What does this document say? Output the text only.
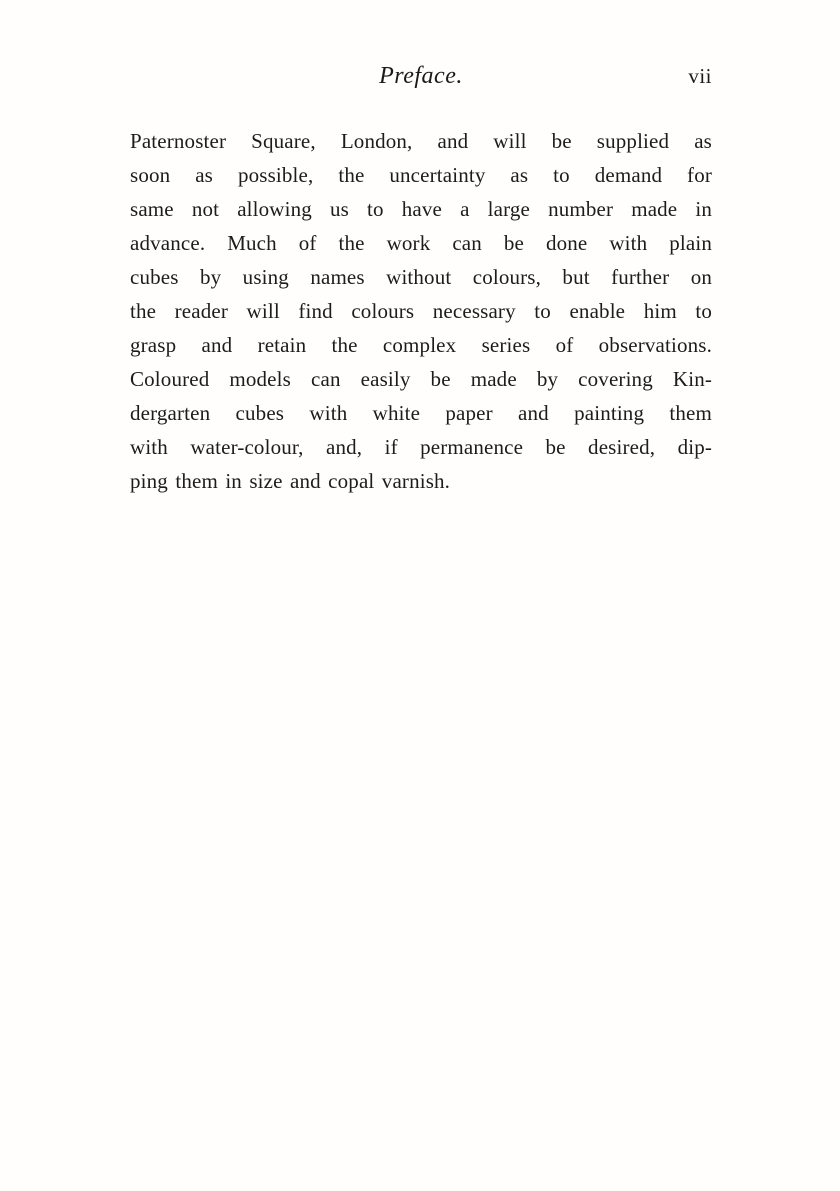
Preface.	vii
Paternoster Square, London, and will be supplied as
soon as possible, the uncertainty as to demand for
same not allowing us to have a large number made in
advance. Much of the work can be done with plain
cubes by using names without colours, but further on
the reader will find colours necessary to enable him to
grasp and retain the complex series of observations.
Coloured models can easily be made by covering Kin-
dergarten cubes with white paper and painting them
with water-colour, and, if permanence be desired, dip-
ping them in size and copal varnish.
